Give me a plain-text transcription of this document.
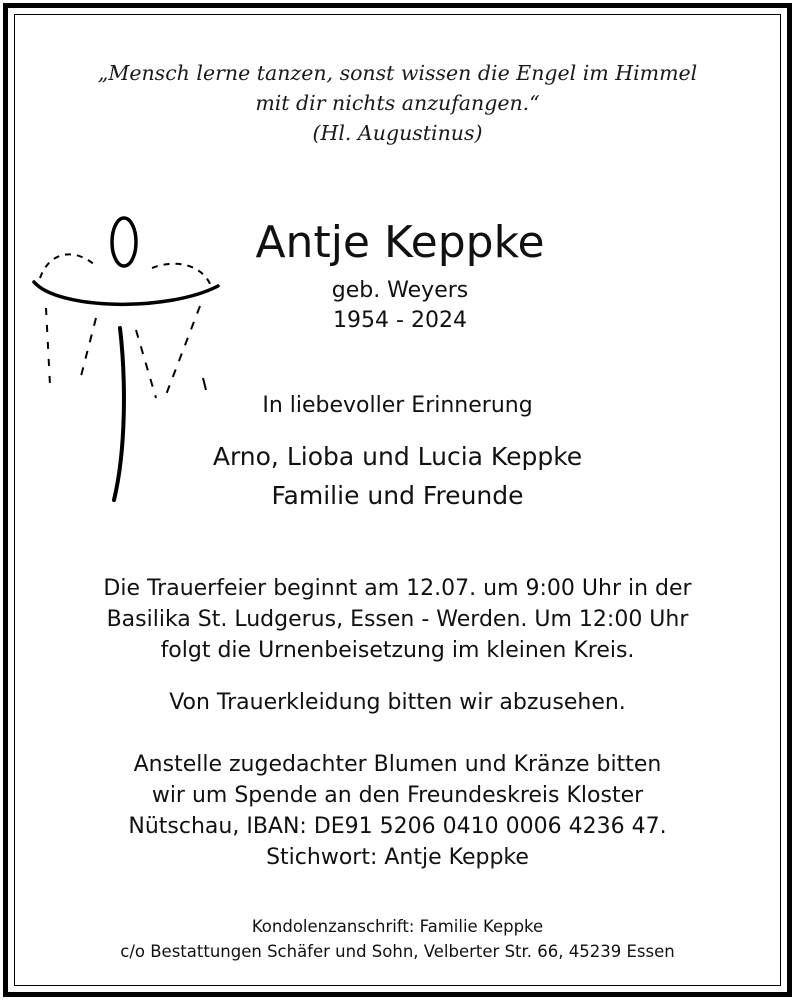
„Mensch lerne tanzen, sonst wissen die Engel im Himmel
mit dir nichts anzufangen.“
(Hl. Augustinus)
Antje Keppke
geb. Weyers
1954 - 2024
In liebevoller Erinnerung
Arno, Lioba und Lucia Keppke
Familie und Freunde
Die Trauerfeier beginnt am 12.07. um 9:00 Uhr in der
Basilika St. Ludgerus, Essen - Werden. Um 12:00 Uhr
folgt die Urnenbeisetzung im kleinen Kreis.
Von Trauerkleidung bitten wir abzusehen.
Anstelle zugedachter Blumen und Kränze bitten
wir um Spende an den Freundeskreis Kloster
Nütschau, IBAN: DE91 5206 0410 0006 4236 47.
Stichwort: Antje Keppke
Kondolenzanschrift: Familie Keppke
c/o Bestattungen Schäfer und Sohn, Velberter Str. 66, 45239 Essen
